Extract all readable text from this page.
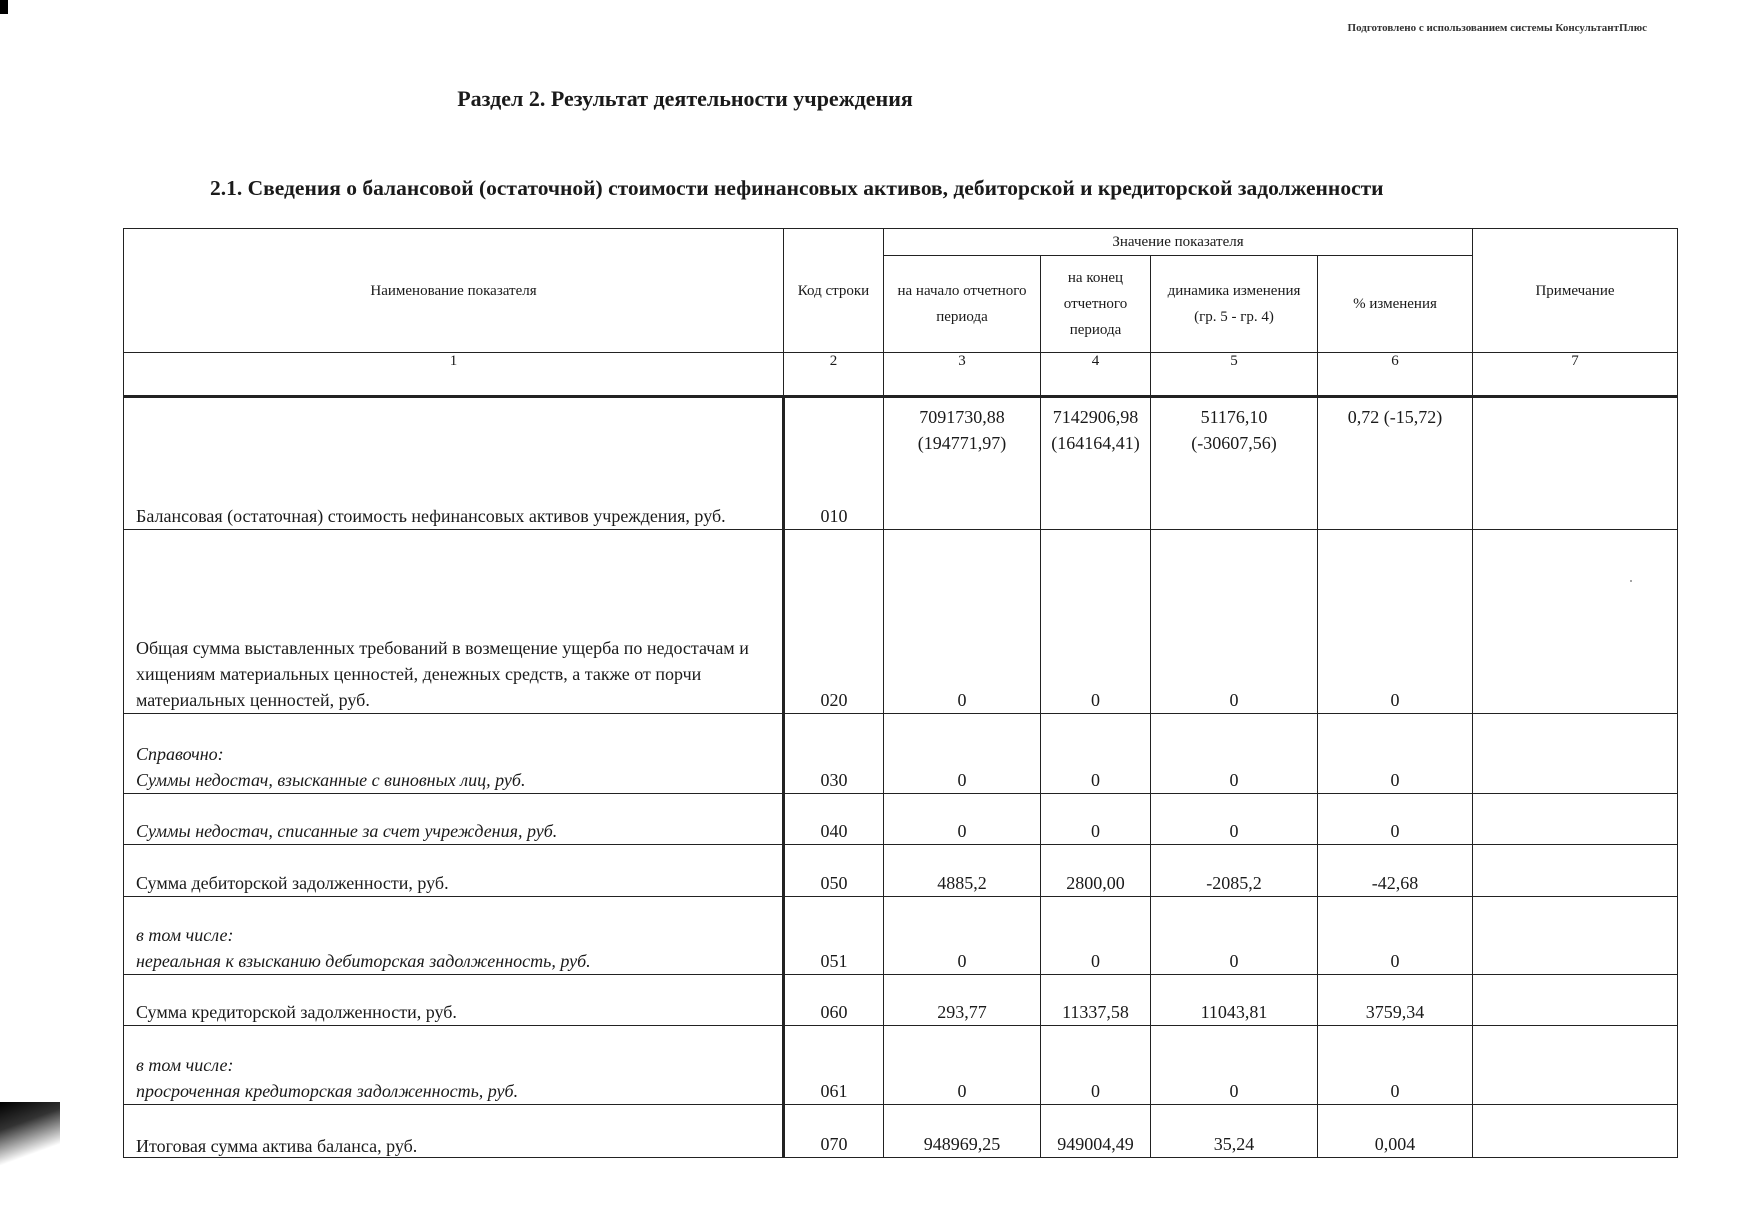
Подготовлено с использованием системы КонсультантПлюс
Раздел 2. Результат деятельности учреждения
2.1. Сведения о балансовой (остаточной) стоимости нефинансовых активов, дебиторской и кредиторской задолженности
Наименование показателя	Код строки	Значение показателя				Примечание
		на начало отчетного периода	на конец отчетного периода	динамика изменения (гр. 5 - гр. 4)	% изменения	
1	2	3	4	5	6	7
Балансовая (остаточная) стоимость нефинансовых активов учреждения, руб.	010	7091730,88 (194771,97)	7142906,98 (164164,41)	51176,10 (-30607,56)	0,72 (-15,72)	
Общая сумма выставленных требований в возмещение ущерба по недостачам и хищениям материальных ценностей, денежных средств, а также от порчи материальных ценностей, руб.	020	0	0	0	0	

Справочно:
Суммы недостач, взысканные с виновных лиц, руб.	030	0	0	0	0	
Суммы недостач, списанные за счет учреждения, руб.	040	0	0	0	0	
Сумма дебиторской задолженности, руб.	050	4885,2	2800,00	-2085,2	-42,68	

в том числе:
нереальная к взысканию дебиторская задолженность, руб.	051	0	0	0	0	
Сумма кредиторской задолженности, руб.	060	293,77	11337,58	11043,81	3759,34	

в том числе:
просроченная кредиторская задолженность, руб.	061	0	0	0	0	
Итоговая сумма актива баланса, руб.	070	948969,25	949004,49	35,24	0,004	
